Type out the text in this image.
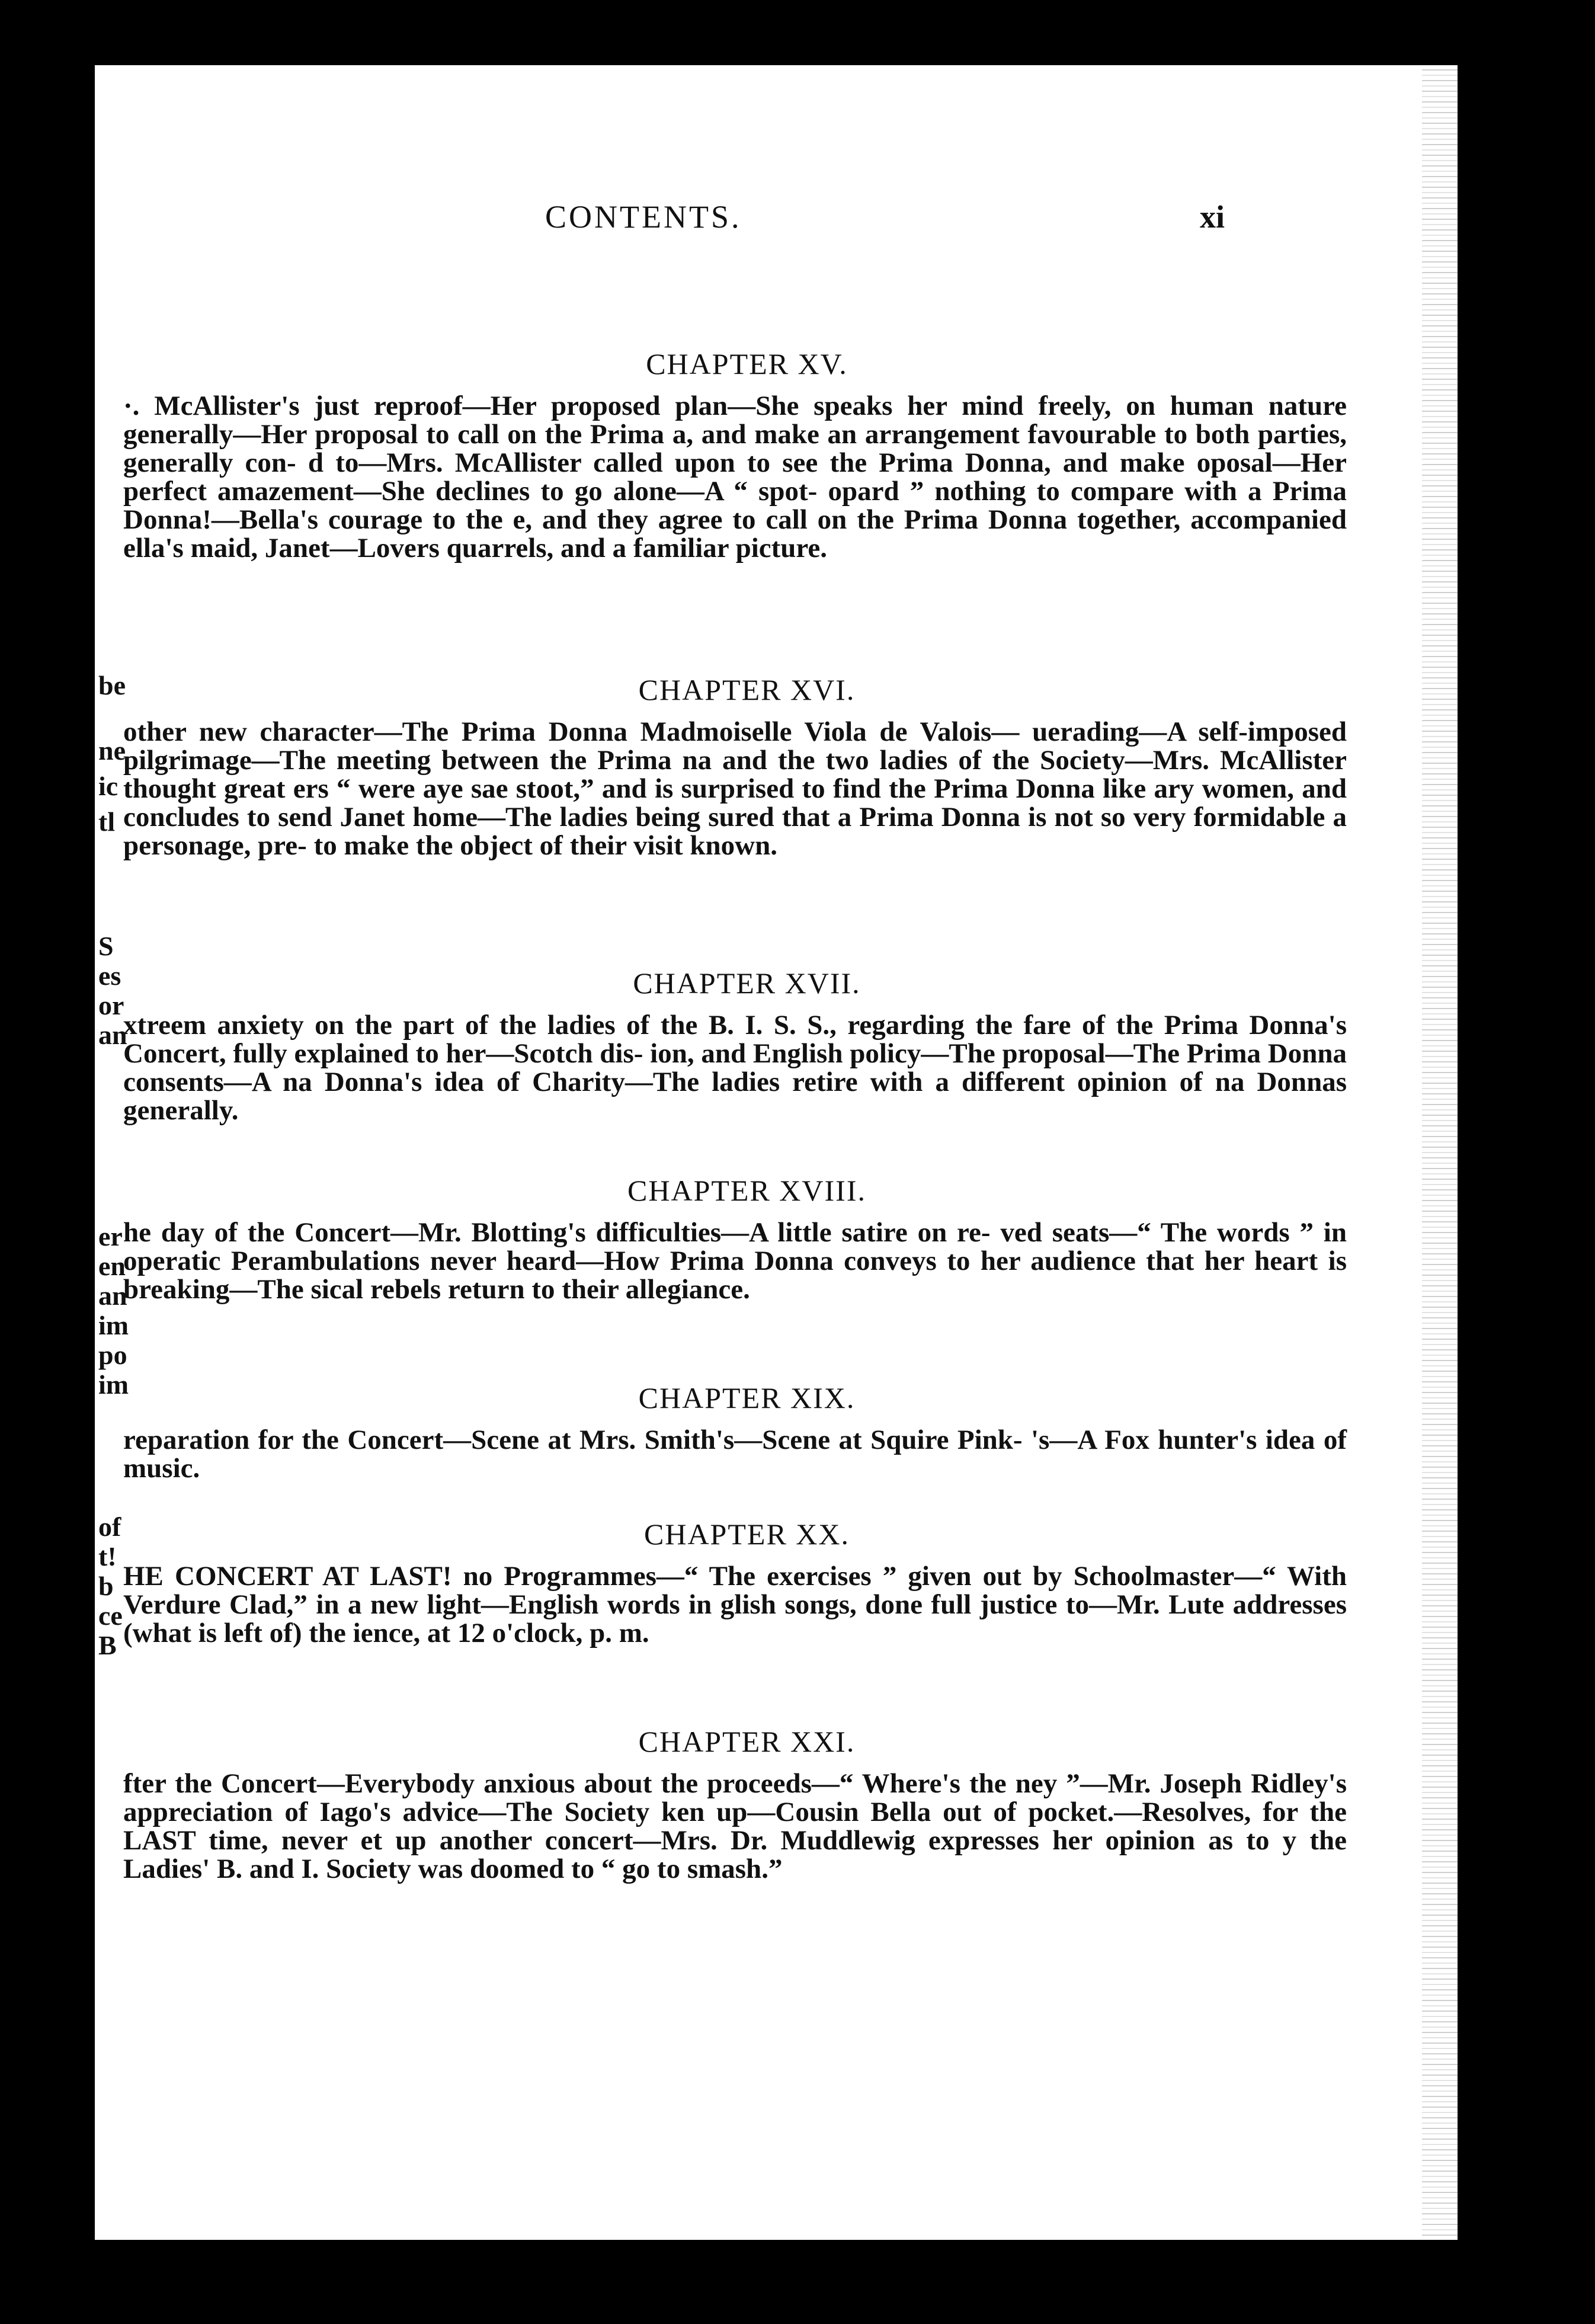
be
ne
ic
tl
S
es
or
an
er
en
an
im
po
im
of
t!
b
ce
B
COΝTENTS.	xi
CHAPTER XV.
·. McAllister's just reproof—Her proposed plan—She speaks her mind freely, on human nature generally—Her proposal to call on the Prima a, and make an arrangement favourable to both parties, generally con- d to—Mrs. McAllister called upon to see the Prima Donna, and make oposal—Her perfect amazement—She declines to go alone—A “ spot- opard ” nothing to compare with a Prima Donna!—Bella's courage to the e, and they agree to call on the Prima Donna together, accompanied ella's maid, Janet—Lovers quarrels, and a familiar picture.
CHAPTER XVI.
other new character—The Prima Donna Madmoiselle Viola de Valois— uerading—A self-imposed pilgrimage—The meeting between the Prima na and the two ladies of the Society—Mrs. McAllister thought great ers “ were aye sae stoot,” and is surprised to find the Prima Donna like ary women, and concludes to send Janet home—The ladies being sured that a Prima Donna is not so very formidable a personage, pre- to make the object of their visit known.
CHAPTER XVII.
xtreem anxiety on the part of the ladies of the B. I. S. S., regarding the fare of the Prima Donna's Concert, fully explained to her—Scotch dis- ion, and English policy—The proposal—The Prima Donna consents—A na Donna's idea of Charity—The ladies retire with a different opinion of na Donnas generally.
CHAPTER XVIII.
he day of the Concert—Mr. Blotting's difficulties—A little satire on re- ved seats—“ The words ” in operatic Perambulations never heard—How Prima Donna conveys to her audience that her heart is breaking—The sical rebels return to their allegiance.
CHAPTER XIX.
reparation for the Concert—Scene at Mrs. Smith's—Scene at Squire Pink- 's—A Fox hunter's idea of music.
CHAPTER XX.
HE CONCERT AT LAST! no Programmes—“ The exercises ” given out by Schoolmaster—“ With Verdure Clad,” in a new light—English words in glish songs, done full justice to—Mr. Lute addresses (what is left of) the ience, at 12 o'clock, p. m.
CHAPTER XXI.
fter the Concert—Everybody anxious about the proceeds—“ Where's the ney ”—Mr. Joseph Ridley's appreciation of Iago's advice—The Society ken up—Cousin Bella out of pocket.—Resolves, for the LAST time, never et up another concert—Mrs. Dr. Muddlewig expresses her opinion as to y the Ladies' B. and I. Society was doomed to “ go to smash.”
